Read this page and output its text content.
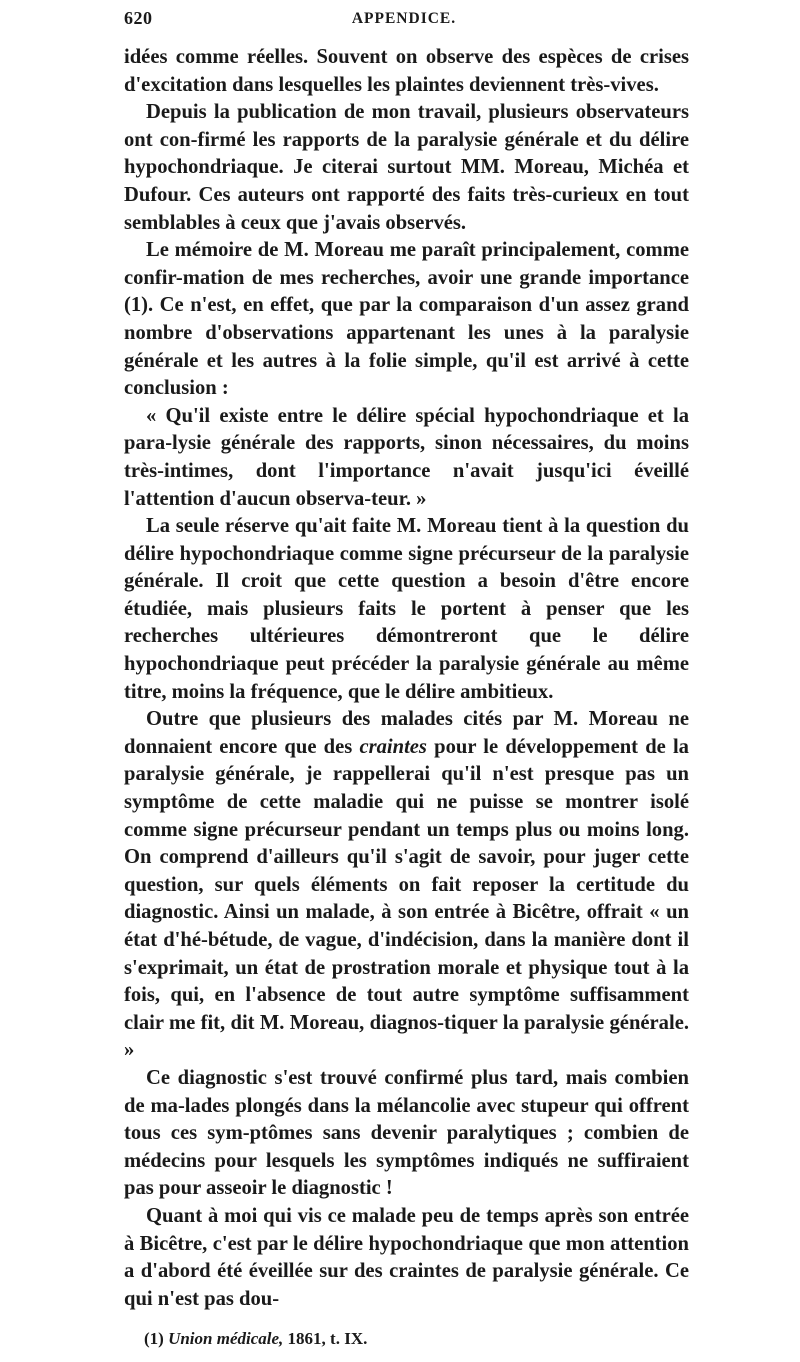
620	APPENDICE.

idées comme réelles. Souvent on observe des espèces de crises d'excitation dans lesquelles les plaintes deviennent très-vives.

Depuis la publication de mon travail, plusieurs observateurs ont con-firmé les rapports de la paralysie générale et du délire hypochondriaque. Je citerai surtout MM. Moreau, Michéa et Dufour. Ces auteurs ont rapporté des faits très-curieux en tout semblables à ceux que j'avais observés.

Le mémoire de M. Moreau me paraît principalement, comme confir-mation de mes recherches, avoir une grande importance (1). Ce n'est, en effet, que par la comparaison d'un assez grand nombre d'observations appartenant les unes à la paralysie générale et les autres à la folie simple, qu'il est arrivé à cette conclusion :

« Qu'il existe entre le délire spécial hypochondriaque et la para-lysie générale des rapports, sinon nécessaires, du moins très-intimes, dont l'importance n'avait jusqu'ici éveillé l'attention d'aucun observa-teur. »

La seule réserve qu'ait faite M. Moreau tient à la question du délire hypochondriaque comme signe précurseur de la paralysie générale. Il croit que cette question a besoin d'être encore étudiée, mais plusieurs faits le portent à penser que les recherches ultérieures démontreront que le délire hypochondriaque peut précéder la paralysie générale au même titre, moins la fréquence, que le délire ambitieux.

Outre que plusieurs des malades cités par M. Moreau ne donnaient encore que des craintes pour le développement de la paralysie générale, je rappellerai qu'il n'est presque pas un symptôme de cette maladie qui ne puisse se montrer isolé comme signe précurseur pendant un temps plus ou moins long. On comprend d'ailleurs qu'il s'agit de savoir, pour juger cette question, sur quels éléments on fait reposer la certitude du diagnostic. Ainsi un malade, à son entrée à Bicêtre, offrait « un état d'hé-bétude, de vague, d'indécision, dans la manière dont il s'exprimait, un état de prostration morale et physique tout à la fois, qui, en l'absence de tout autre symptôme suffisamment clair me fit, dit M. Moreau, diagnos-tiquer la paralysie générale. »

Ce diagnostic s'est trouvé confirmé plus tard, mais combien de ma-lades plongés dans la mélancolie avec stupeur qui offrent tous ces sym-ptômes sans devenir paralytiques ; combien de médecins pour lesquels les symptômes indiqués ne suffiraient pas pour asseoir le diagnostic !

Quant à moi qui vis ce malade peu de temps après son entrée à Bicêtre, c'est par le délire hypochondriaque que mon attention a d'abord été éveillée sur des craintes de paralysie générale. Ce qui n'est pas dou-

(1) Union médicale, 1861, t. IX.
